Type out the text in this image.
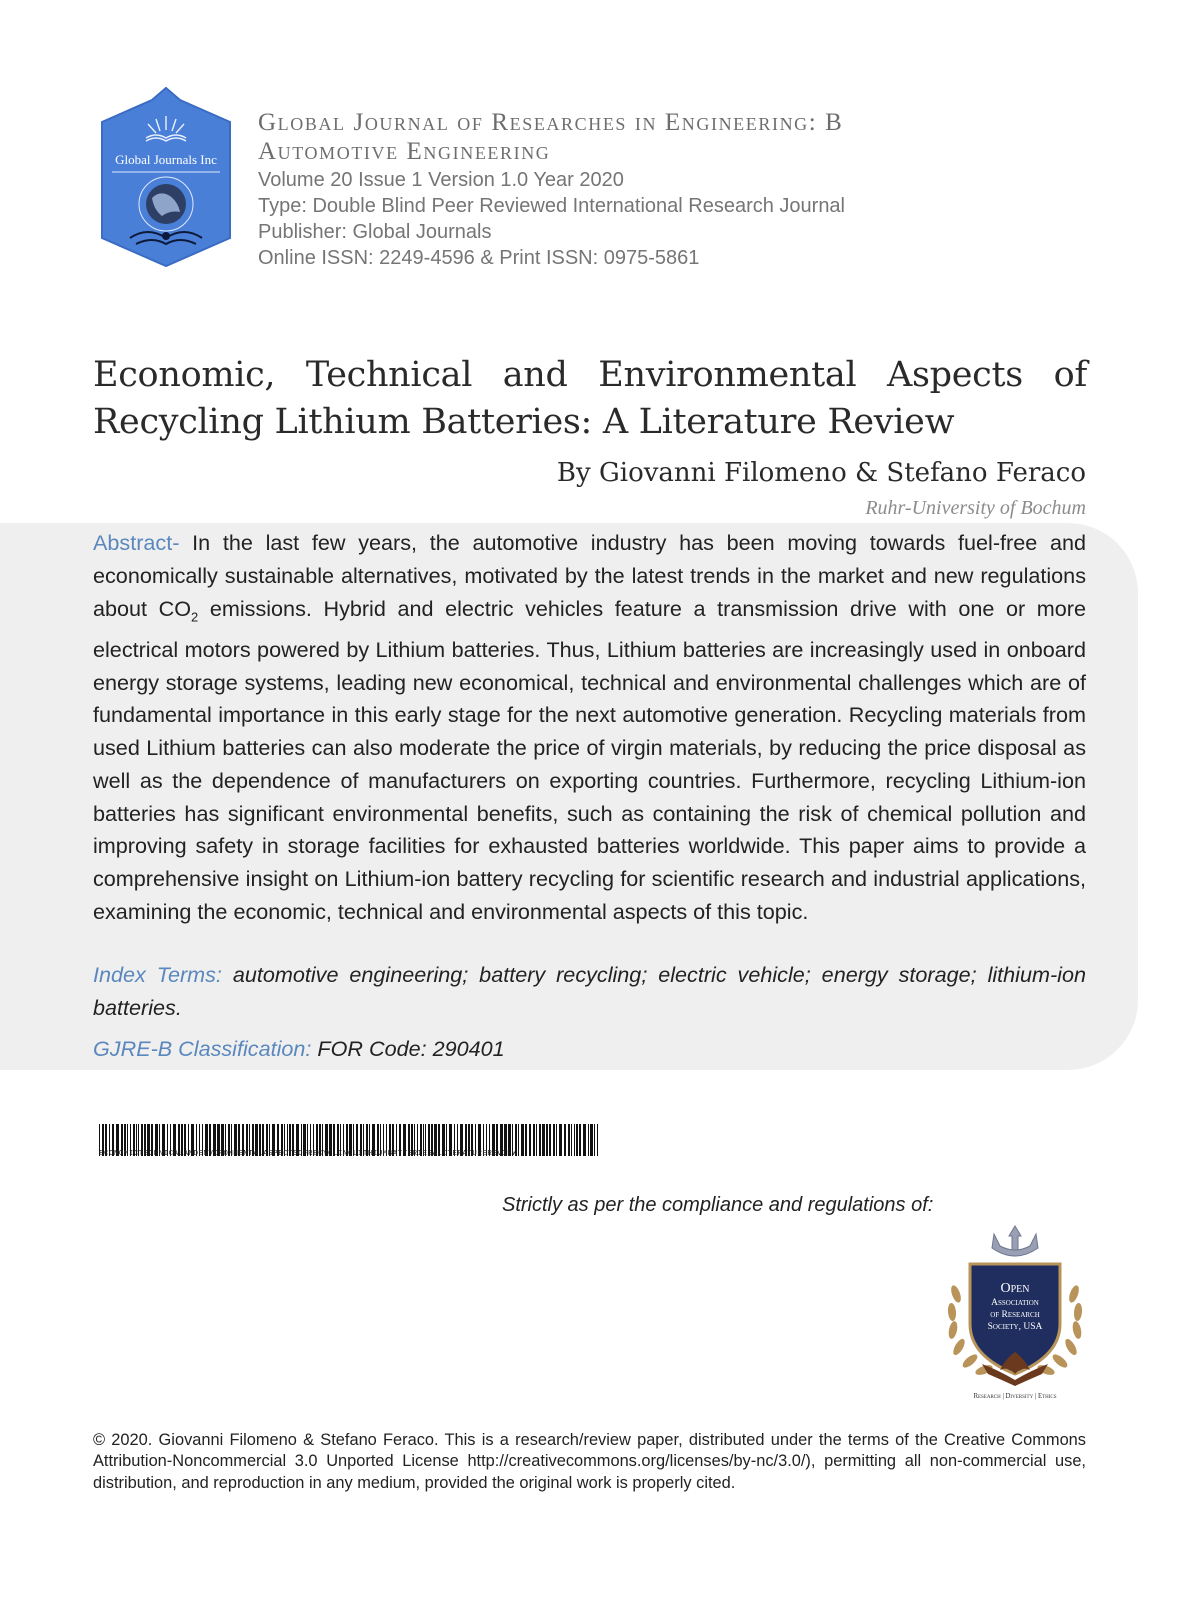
Global Journals Inc
Global Journal of Researches in Engineering: B
Automotive Engineering
Volume 20 Issue 1 Version 1.0 Year 2020
Type: Double Blind Peer Reviewed International Research Journal
Publisher: Global Journals
Online ISSN: 2249-4596 & Print ISSN: 0975-5861
Economic, Technical and Environmental Aspects of Recycling Lithium Batteries: A Literature Review
By Giovanni Filomeno & Stefano Feraco
Ruhr-University of Bochum

Abstract- In the last few years, the automotive industry has been moving towards fuel-free and economically sustainable alternatives, motivated by the latest trends in the market and new regulations about $CO_2$ emissions. Hybrid and electric vehicles feature a transmission drive with one or more electrical motors powered by Lithium batteries. Thus, Lithium batteries are increasingly used in onboard energy storage systems, leading new economical, technical and environmental challenges which are of fundamental importance in this early stage for the next automotive generation. Recycling materials from used Lithium batteries can also moderate the price of virgin materials, by reducing the price disposal as well as the dependence of manufacturers on exporting countries. Furthermore, recycling Lithium-ion batteries has significant environmental benefits, such as containing the risk of chemical pollution and improving safety in storage facilities for exhausted batteries worldwide. This paper aims to provide a comprehensive insight on Lithium-ion battery recycling for scientific research and industrial applications, examining the economic, technical and environmental aspects of this topic.

Index Terms: automotive engineering; battery recycling; electric vehicle; energy storage; lithium-ion batteries.

GJRE-B Classification: FOR Code: 290401
ECONOMICTECHNICALANDENVIRONMENTALASPECTSOFRECYCLINGLITHIUMBATTERIESALITERATUREREVIEW
Strictly as per the compliance and regulations of:
Open
Association
of Research
Society, USA
Research | Diversity | Ethics

© 2020. Giovanni Filomeno & Stefano Feraco. This is a research/review paper, distributed under the terms of the Creative Commons Attribution-Noncommercial 3.0 Unported License http://creativecommons.org/licenses/by-nc/3.0/), permitting all non-commercial use, distribution, and reproduction in any medium, provided the original work is properly cited.
